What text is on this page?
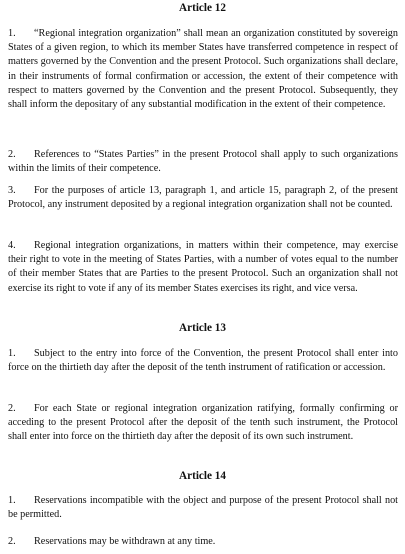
Article 12

1. “Regional integration organization” shall mean an organization constituted by sovereign States of a given region, to which its member States have transferred competence in respect of matters governed by the Convention and the present Protocol. Such organizations shall declare, in their instruments of formal confirmation or accession, the extent of their competence with respect to matters governed by the Convention and the present Protocol. Subsequently, they shall inform the depositary of any substantial modification in the extent of their competence.

2. References to “States Parties” in the present Protocol shall apply to such organizations within the limits of their competence.

3. For the purposes of article 13, paragraph 1, and article 15, paragraph 2, of the present Protocol, any instrument deposited by a regional integration organization shall not be counted.

4. Regional integration organizations, in matters within their competence, may exercise their right to vote in the meeting of States Parties, with a number of votes equal to the number of their member States that are Parties to the present Protocol. Such an organization shall not exercise its right to vote if any of its member States exercises its right, and vice versa.

Article 13

1. Subject to the entry into force of the Convention, the present Protocol shall enter into force on the thirtieth day after the deposit of the tenth instrument of ratification or accession.

2. For each State or regional integration organization ratifying, formally confirming or acceding to the present Protocol after the deposit of the tenth such instrument, the Protocol shall enter into force on the thirtieth day after the deposit of its own such instrument.

Article 14

1. Reservations incompatible with the object and purpose of the present Protocol shall not be permitted.

2. Reservations may be withdrawn at any time.
